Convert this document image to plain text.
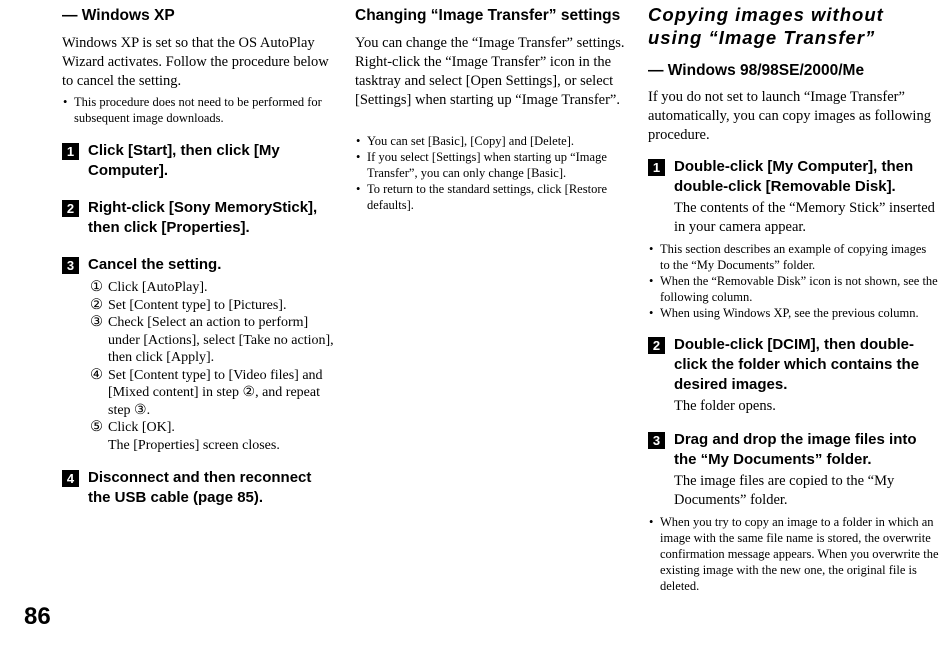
— Windows XP

Windows XP is set so that the OS AutoPlay Wizard activates. Follow the procedure below to cancel the setting.

• This procedure does not need to be performed for subsequent image downloads.
1 Click [Start], then click [My Computer].
2 Right-click [Sony MemoryStick], then click [Properties].
3 Cancel the setting.
① Click [AutoPlay].
② Set [Content type] to [Pictures].
③ Check [Select an action to perform] under [Actions], select [Take no action], then click [Apply].
④ Set [Content type] to [Video files] and [Mixed content] in step ②, and repeat step ③.
⑤ Click [OK].
The [Properties] screen closes.
4 Disconnect and then reconnect the USB cable (page 85).
Changing “Image Transfer” settings

You can change the “Image Transfer” settings.
Right-click the “Image Transfer” icon in the tasktray and select [Open Settings], or select [Settings] when starting up “Image Transfer”.

• You can set [Basic], [Copy] and [Delete].
• If you select [Settings] when starting up “Image Transfer”, you can only change [Basic].
• To return to the standard settings, click [Restore defaults].
Copying images without using “Image Transfer”
— Windows 98/98SE/2000/Me

If you do not set to launch “Image Transfer” automatically, you can copy images as following procedure.

1 Double-click [My Computer], then double-click [Removable Disk].
The contents of the “Memory Stick” inserted in your camera appear.
• This section describes an example of copying images to the “My Documents” folder.
• When the “Removable Disk” icon is not shown, see the following column.
• When using Windows XP, see the previous column.
2 Double-click [DCIM], then double-click the folder which contains the desired images.
The folder opens.
3 Drag and drop the image files into the “My Documents” folder.
The image files are copied to the “My Documents” folder.
• When you try to copy an image to a folder in which an image with the same file name is stored, the overwrite confirmation message appears. When you overwrite the existing image with the new one, the original file is deleted.
86
